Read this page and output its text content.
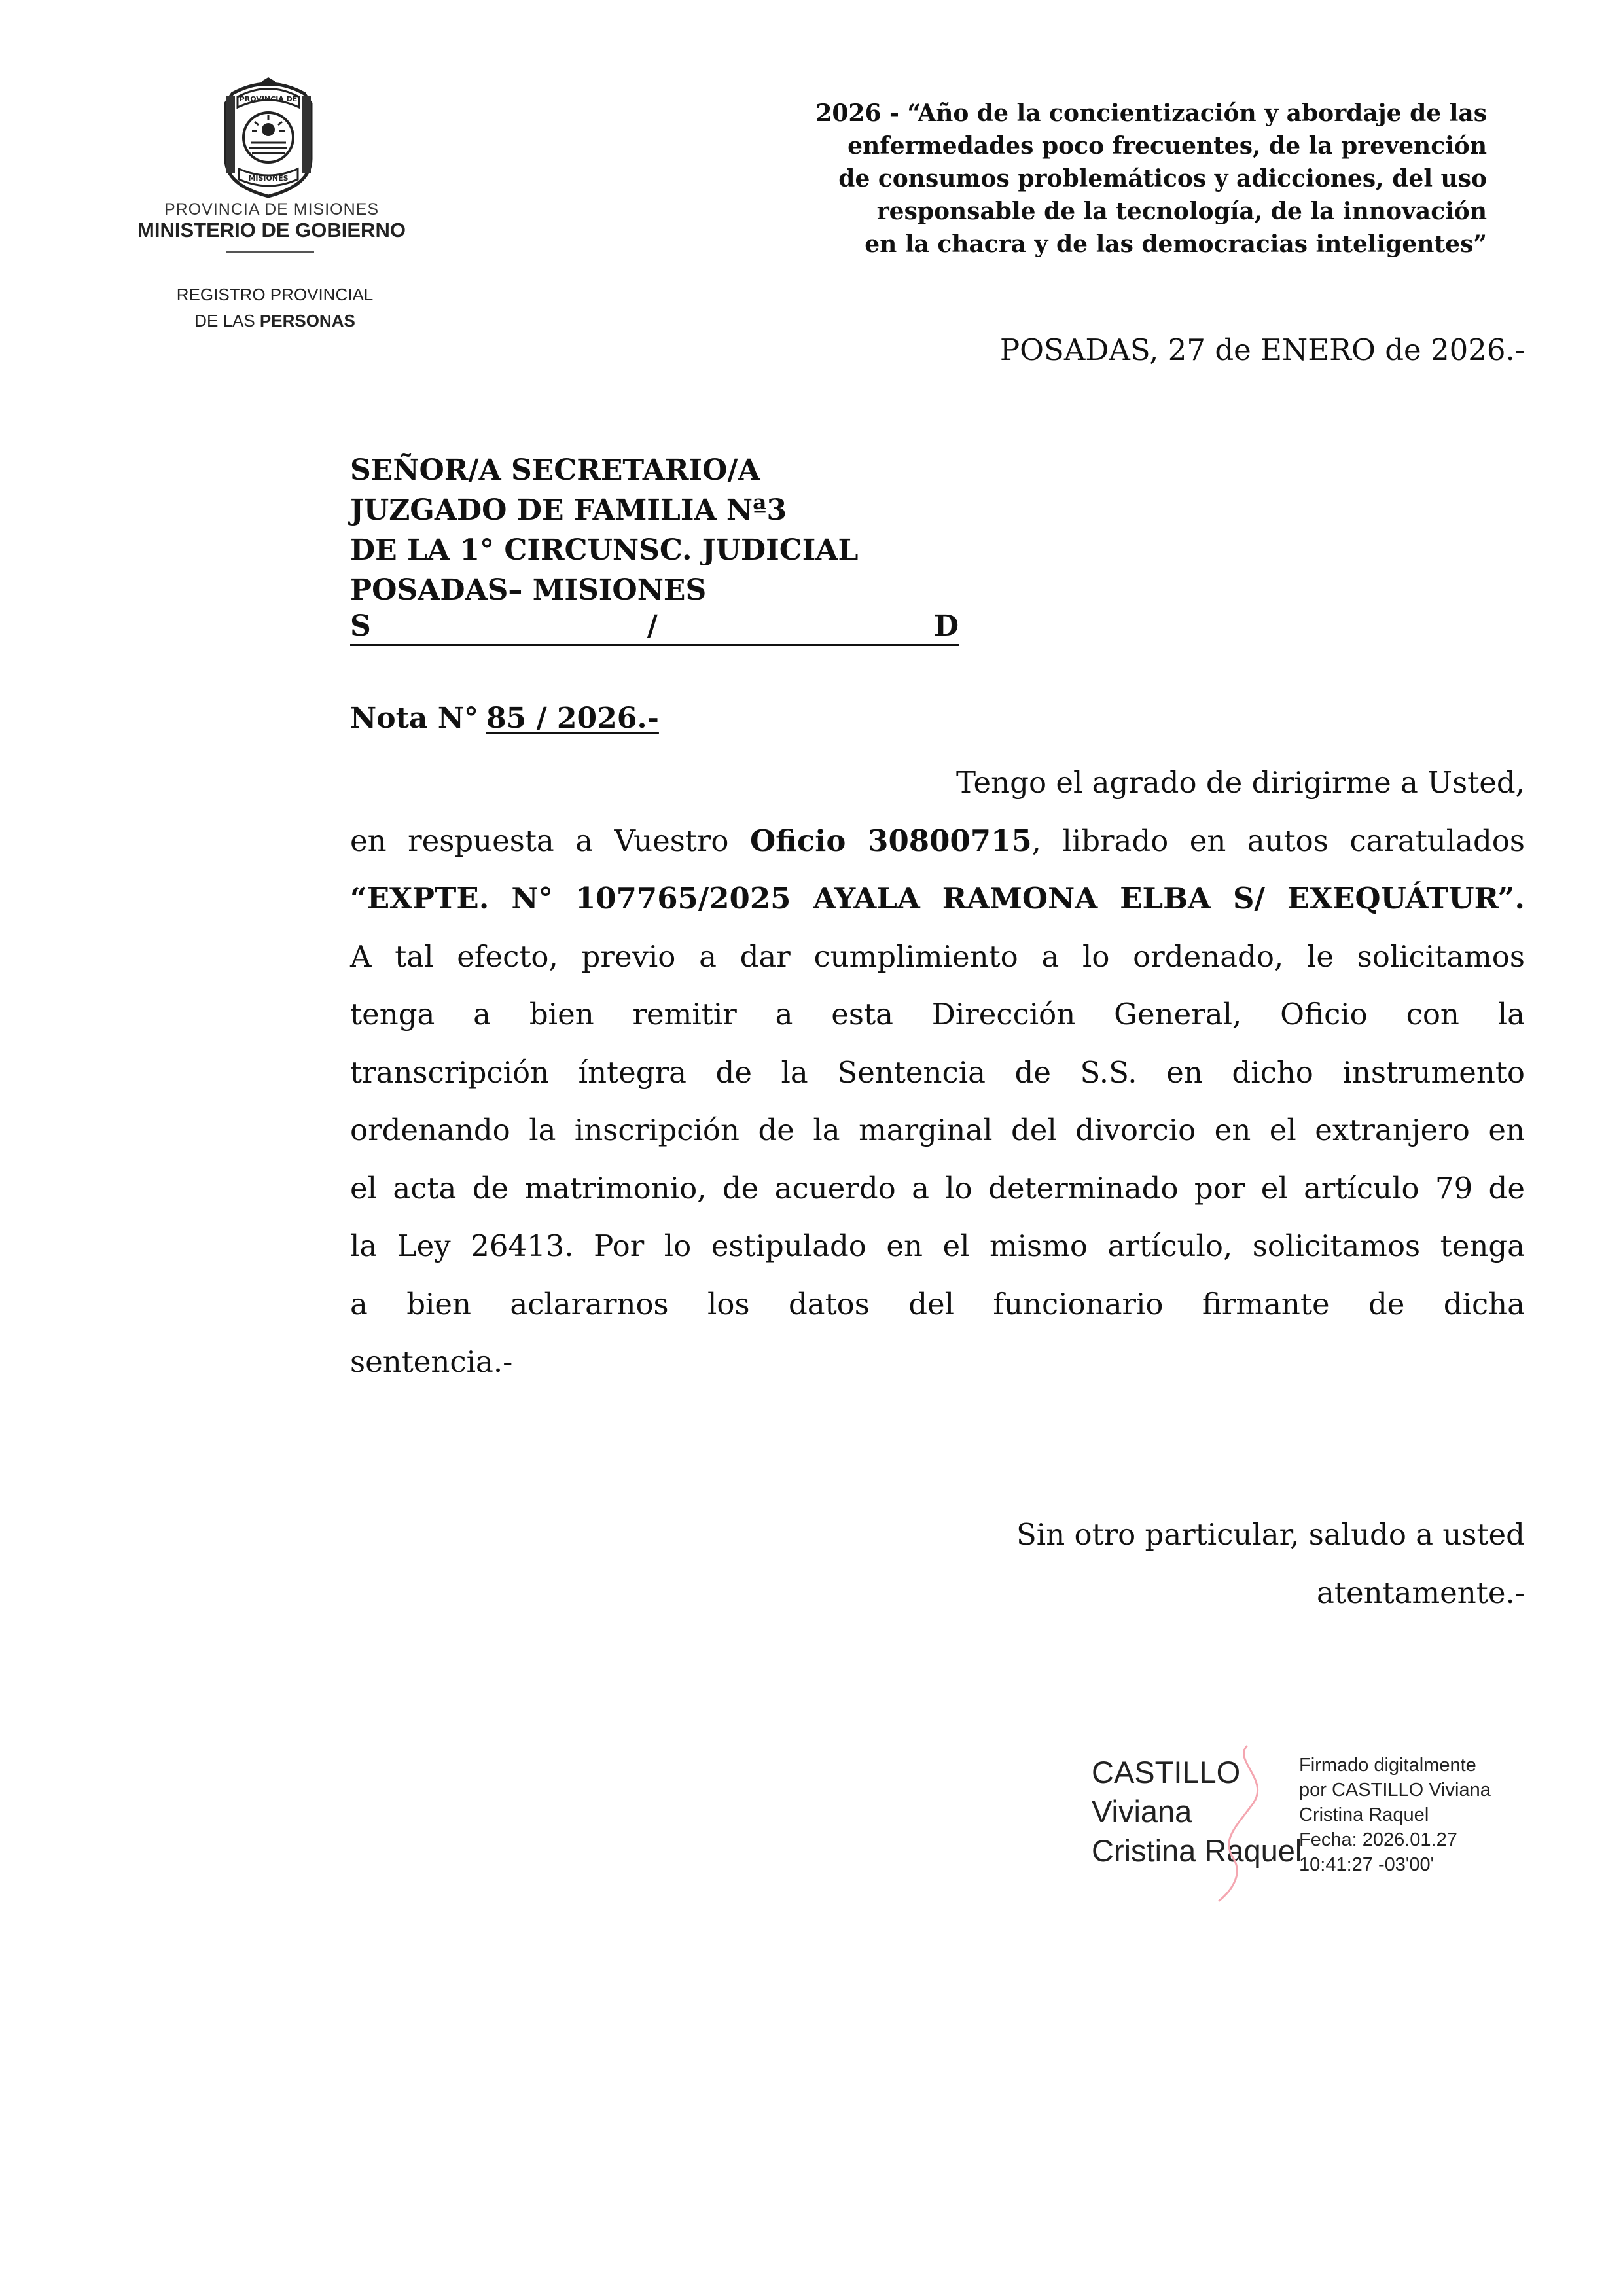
PROVINCIA DE
MISIONES
PROVINCIA DE MISIONES
MINISTERIO DE GOBIERNO
REGISTRO PROVINCIAL
DE LAS PERSONAS
2026 - “Año de la concientización y abordaje de las
enfermedades poco frecuentes, de la prevención
de consumos problemáticos y adicciones, del uso
responsable de la tecnología, de la innovación
en la chacra y de las democracias inteligentes”
POSADAS, 27 de ENERO de 2026.-
SEÑOR/A SECRETARIO/A
JUZGADO DE FAMILIA Nª3
DE LA 1° CIRCUNSC. JUDICIAL
POSADAS– MISIONES
S	/	D
Nota N° 85 / 2026.-
Tengo el agrado de dirigirme a Usted,
en respuesta a Vuestro Oficio 30800715, librado en autos caratulados
“EXPTE. N° 107765/2025 AYALA RAMONA ELBA S/ EXEQUÁTUR”.
A tal efecto, previo a dar cumplimiento a lo ordenado, le solicitamos
tenga a bien remitir a esta Dirección General, Oficio con la
transcripción íntegra de la Sentencia de S.S. en dicho instrumento
ordenando la inscripción de la marginal del divorcio en el extranjero en
el acta de matrimonio, de acuerdo a lo determinado por el artículo 79 de
la Ley 26413. Por lo estipulado en el mismo artículo, solicitamos tenga
a bien aclararnos los datos del funcionario firmante de dicha
sentencia.-
Sin otro particular, saludo a usted
atentamente.-
CASTILLO
Viviana
Cristina Raquel
Firmado digitalmente
por CASTILLO Viviana
Cristina Raquel
Fecha: 2026.01.27
10:41:27 -03'00'
